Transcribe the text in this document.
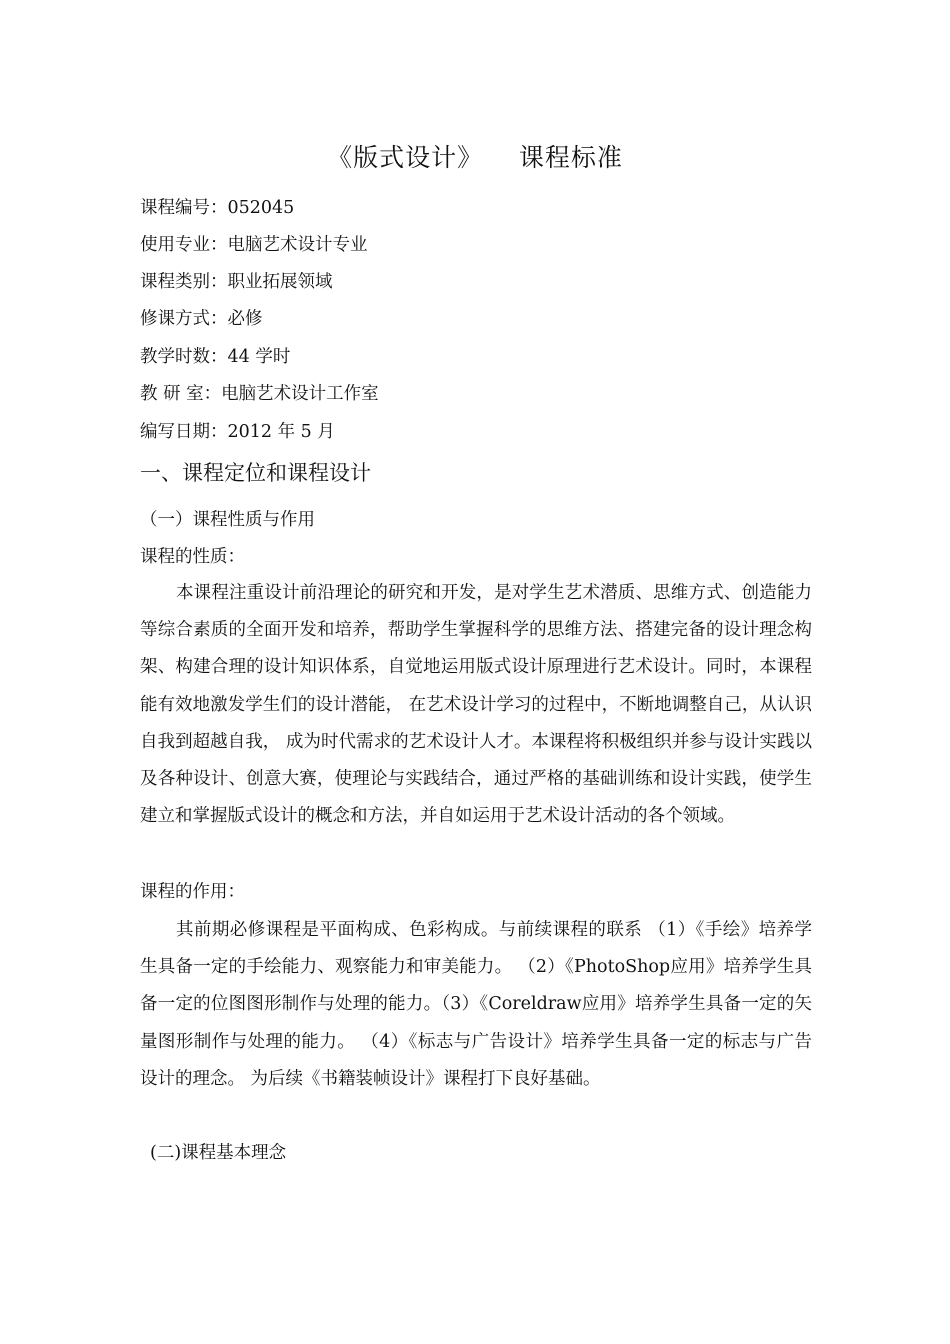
《版式设计》    课程标准
课程编号：052045
使用专业：电脑艺术设计专业
课程类别：职业拓展领域
修课方式：必修
教学时数：44 学时
教 研 室：电脑艺术设计工作室
编写日期：2012 年 5 月
一、课程定位和课程设计
（一）课程性质与作用
课程的性质：
本课程注重设计前沿理论的研究和开发，是对学生艺术潜质、思维方式、创造能力等综合素质的全面开发和培养，帮助学生掌握科学的思维方法、搭建完备的设计理念构架、构建合理的设计知识体系，自觉地运用版式设计原理进行艺术设计。同时，本课程能有效地激发学生们的设计潜能， 在艺术设计学习的过程中，不断地调整自己，从认识自我到超越自我， 成为时代需求的艺术设计人才。本课程将积极组织并参与设计实践以及各种设计、创意大赛，使理论与实践结合，通过严格的基础训练和设计实践，使学生建立和掌握版式设计的概念和方法，并自如运用于艺术设计活动的各个领域。
课程的作用：
其前期必修课程是平面构成、色彩构成。与前续课程的联系 （1）《手绘》培养学生具备一定的手绘能力、观察能力和审美能力。 （2）《PhotoShop应用》培养学生具备一定的位图图形制作与处理的能力。（3）《Coreldraw应用》培养学生具备一定的矢量图形制作与处理的能力。 （4）《标志与广告设计》培养学生具备一定的标志与广告设计的理念。 为后续《书籍装帧设计》课程打下良好基础。
(二)课程基本理念
